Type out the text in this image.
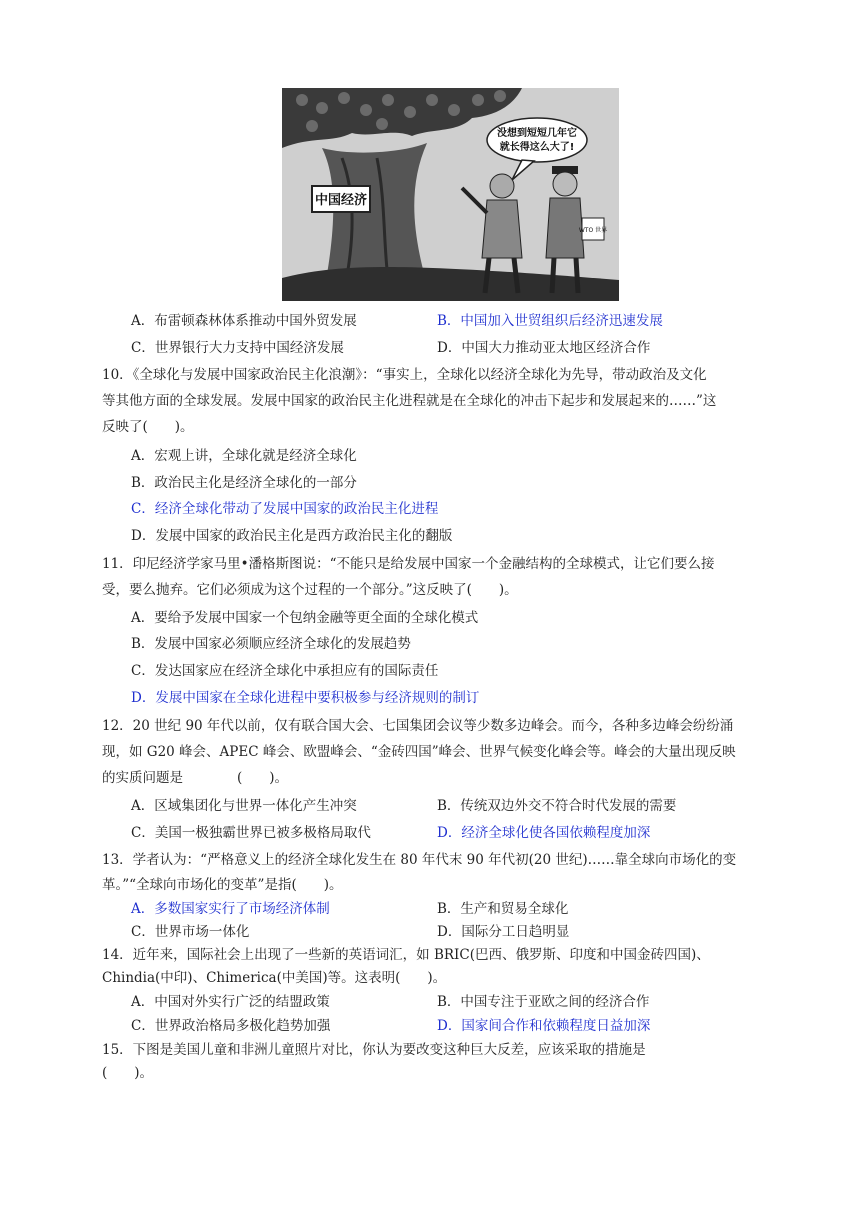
中国经济
没想到短短几年它
就长得这么大了!
WTO 世界
A．布雷顿森林体系推动中国外贸发展	B．中国加入世贸组织后经济迅速发展
C．世界银行大力支持中国经济发展	D．中国大力推动亚太地区经济合作
10．《全球化与发展中国家政治民主化浪潮》：“事实上，全球化以经济全球化为先导，带动政治及文化
等其他方面的全球发展。发展中国家的政治民主化进程就是在全球化的冲击下起步和发展起来的……”这
反映了(　　)。
A．宏观上讲，全球化就是经济全球化
B．政治民主化是经济全球化的一部分
C．经济全球化带动了发展中国家的政治民主化进程
D．发展中国家的政治民主化是西方政治民主化的翻版
11．印尼经济学家马里•潘格斯图说：“不能只是给发展中国家一个金融结构的全球模式，让它们要么接
受，要么抛弃。它们必须成为这个过程的一个部分。”这反映了(　　)。
A．要给予发展中国家一个包纳金融等更全面的全球化模式
B．发展中国家必须顺应经济全球化的发展趋势
C．发达国家应在经济全球化中承担应有的国际责任
D．发展中国家在全球化进程中要积极参与经济规则的制订
12．20 世纪 90 年代以前，仅有联合国大会、七国集团会议等少数多边峰会。而今，各种多边峰会纷纷涌
现，如 G20 峰会、APEC 峰会、欧盟峰会、“金砖四国”峰会、世界气候变化峰会等。峰会的大量出现反映
的实质问题是　　　　(　　)。
A．区域集团化与世界一体化产生冲突	B．传统双边外交不符合时代发展的需要
C．美国一极独霸世界已被多极格局取代	D．经济全球化使各国依赖程度加深
13．学者认为：“严格意义上的经济全球化发生在 80 年代末 90 年代初(20 世纪)……靠全球向市场化的变
革。”“全球向市场化的变革”是指(　　)。
A．多数国家实行了市场经济体制	B．生产和贸易全球化
C．世界市场一体化	D．国际分工日趋明显
14．近年来，国际社会上出现了一些新的英语词汇，如 BRIC(巴西、俄罗斯、印度和中国金砖四国)、
Chindia(中印)、Chimerica(中美国)等。这表明(　　)。
A．中国对外实行广泛的结盟政策	B．中国专注于亚欧之间的经济合作
C．世界政治格局多极化趋势加强	D．国家间合作和依赖程度日益加深
15．下图是美国儿童和非洲儿童照片对比，你认为要改变这种巨大反差，应该采取的措施是
(　　)。
